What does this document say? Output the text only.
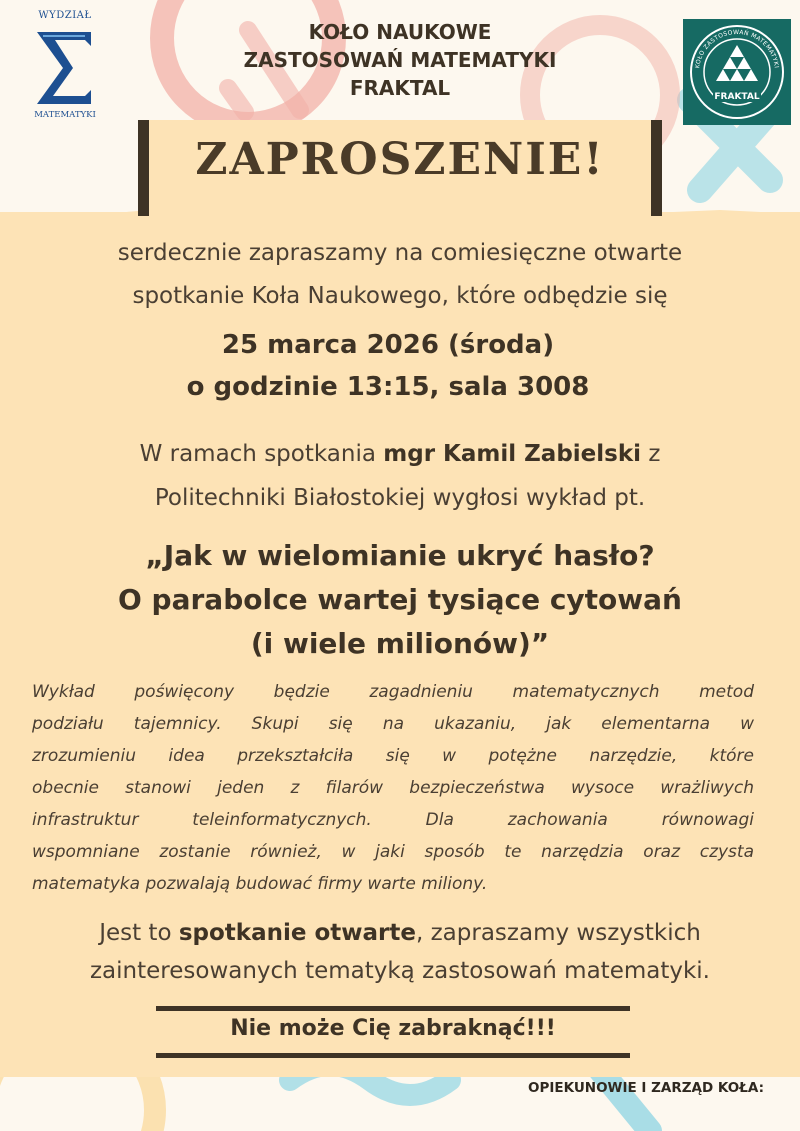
WYDZIAŁ
MATEMATYKI
KOŁO NAUKOWE
ZASTOSOWAŃ MATEMATYKI
FRAKTAL
KOŁO ZASTOSOWAŃ MATEMATYKI
FRAKTAL
ZAPROSZENIE!
serdecznie zapraszamy na comiesięczne otwarte
spotkanie Koła Naukowego, które odbędzie się
25 marca 2026 (środa)
o godzinie 13:15, sala 3008
W ramach spotkania mgr Kamil Zabielski z
Politechniki Białostokiej wygłosi wykład pt.
„Jak w wielomianie ukryć hasło?
O parabolce wartej tysiące cytowań
(i wiele milionów)”
Wykład poświęcony będzie zagadnieniu matematycznych metod
podziału tajemnicy. Skupi się na ukazaniu, jak elementarna w
zrozumieniu idea przekształciła się w potężne narzędzie, które
obecnie stanowi jeden z filarów bezpieczeństwa wysoce wrażliwych
infrastruktur teleinformatycznych. Dla zachowania równowagi
wspomniane zostanie również, w jaki sposób te narzędzia oraz czysta
matematyka pozwalają budować firmy warte miliony.
Jest to spotkanie otwarte, zapraszamy wszystkich
zainteresowanych tematyką zastosowań matematyki.
Nie może Cię zabraknąć!!!
OPIEKUNOWIE I ZARZĄD KOŁA:
